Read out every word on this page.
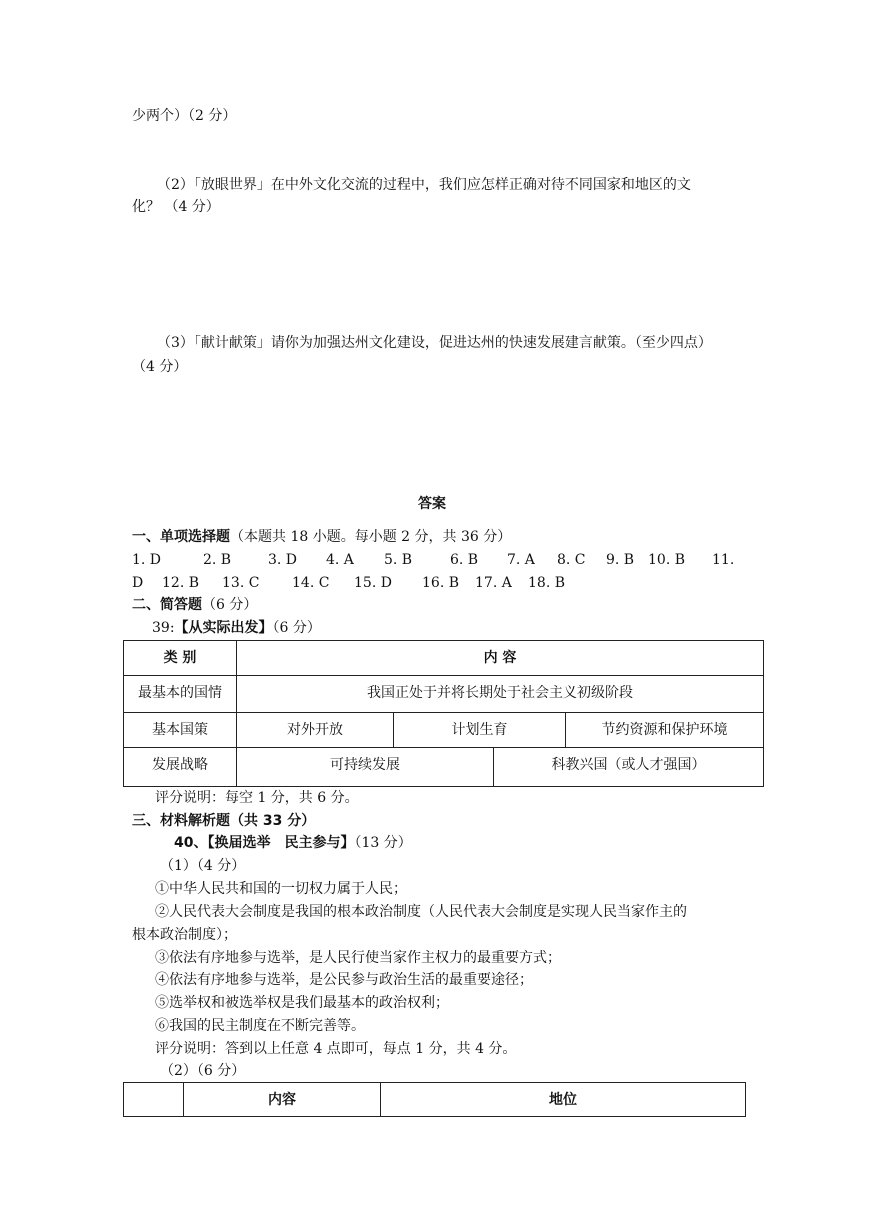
少两个）（2 分）
（2）「放眼世界」在中外文化交流的过程中，我们应怎样正确对待不同国家和地区的文
化？ （4 分）
（3）「献计献策」请你为加强达州文化建设，促进达州的快速发展建言献策。（至少四点）
（4 分）
答案
一、单项选择题（本题共 18 小题。每小题 2 分，共 36 分）
1. D	2. B	3. D 4. A 5. B	6. B 7. A 8. C 9. B 10. B 11.
D 12. B 13. C 14. C 15. D 16. B 17. A 18. B
二、简答题（6 分）
39:【从实际出发】（6 分）
类 别	内 容			

最基本的国情	我国正处于并将长期处于社会主义初级阶段			

基本国策	对外开放	计划生育		节约资源和保护环境

发展战略	可持续发展		科教兴国（或人才强国）	
评分说明：每空 1 分，共 6 分。
三、材料解析题（共 33 分）
40、【换届选举　民主参与】（13 分）
（1）（4 分）
①中华人民共和国的一切权力属于人民；
②人民代表大会制度是我国的根本政治制度（人民代表大会制度是实现人民当家作主的
根本政治制度）；
③依法有序地参与选举，是人民行使当家作主权力的最重要方式；
④依法有序地参与选举，是公民参与政治生活的最重要途径；
⑤选举权和被选举权是我们最基本的政治权利；
⑥我国的民主制度在不断完善等。
评分说明：答到以上任意 4 点即可，每点 1 分，共 4 分。
（2）（6 分）

内容	地位
